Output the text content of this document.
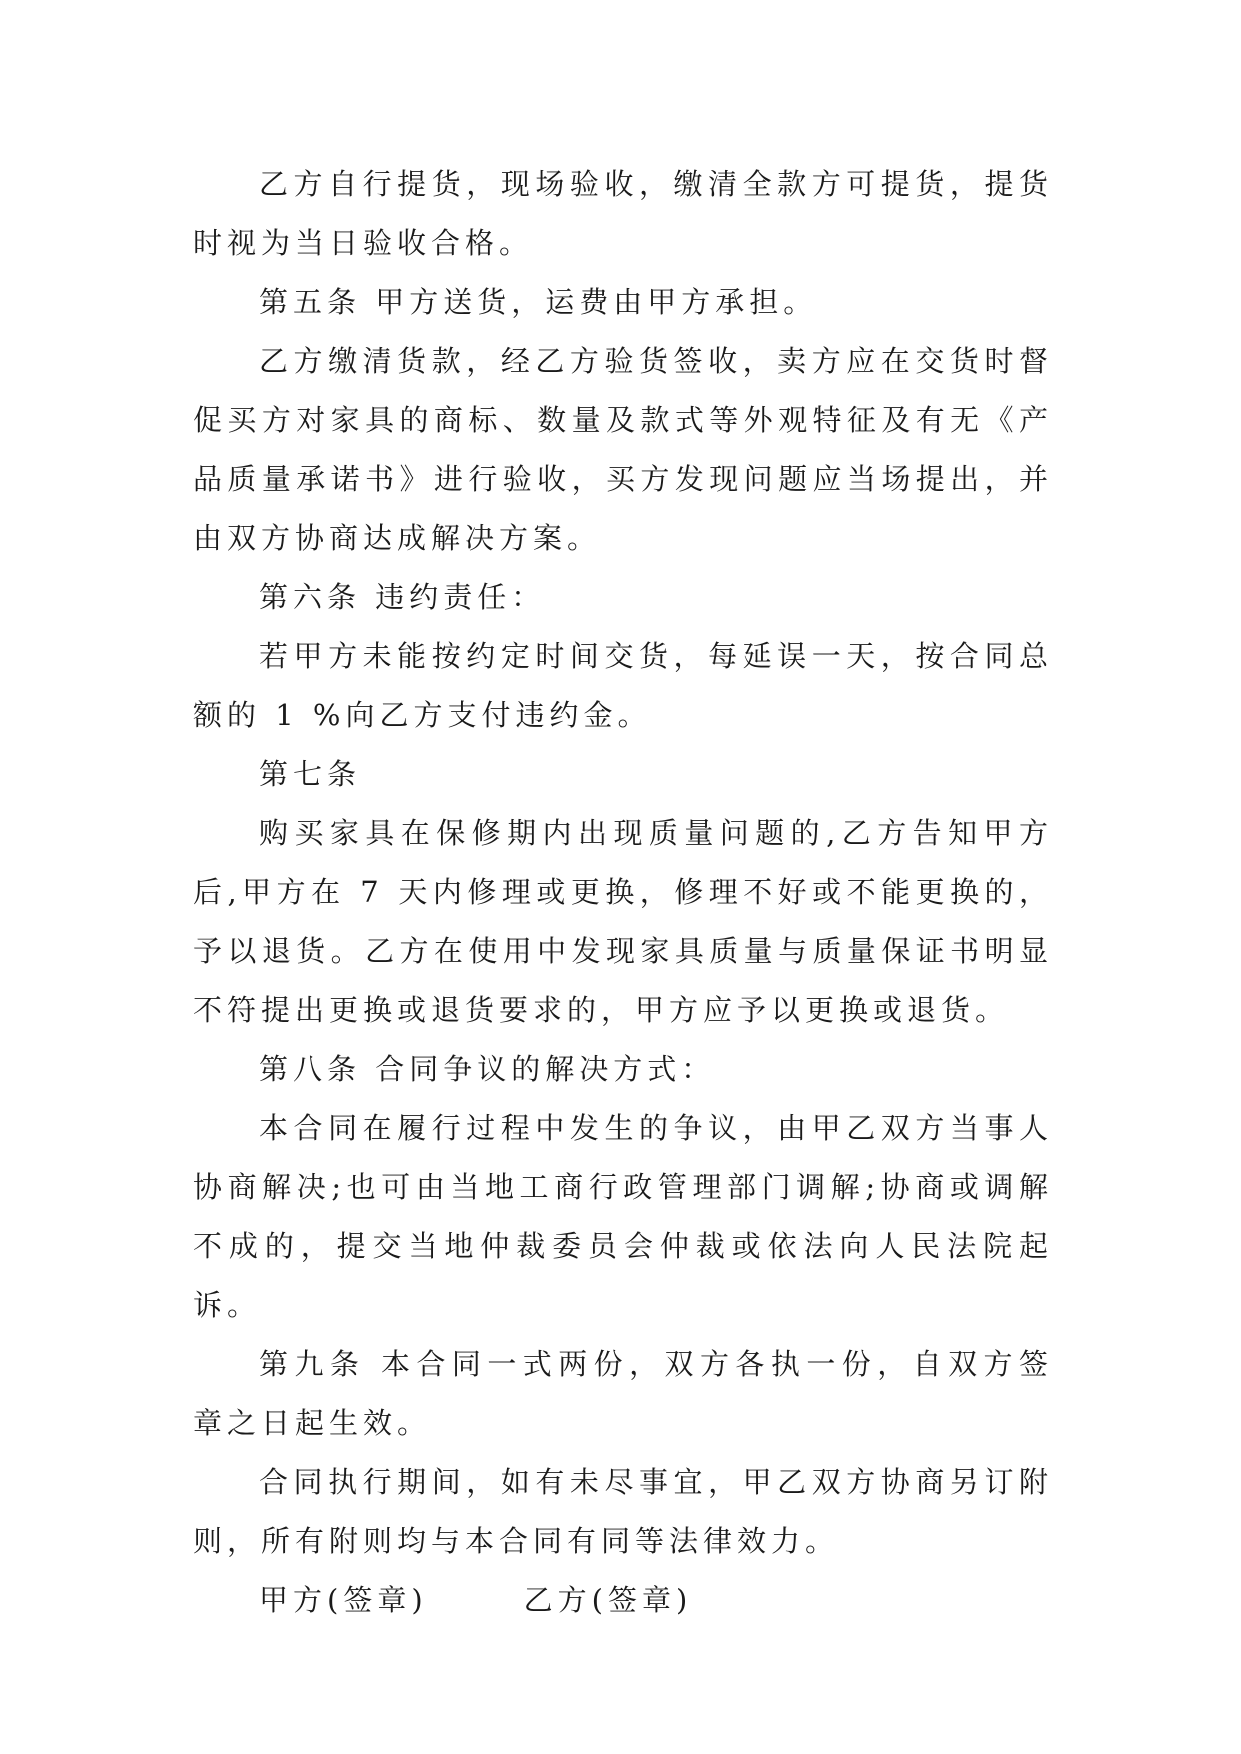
乙方自行提货，现场验收，缴清全款方可提货，提货时视为当日验收合格。

第五条 甲方送货，运费由甲方承担。

乙方缴清货款，经乙方验货签收，卖方应在交货时督促买方对家具的商标、数量及款式等外观特征及有无《产品质量承诺书》进行验收，买方发现问题应当场提出，并由双方协商达成解决方案。

第六条 违约责任：

若甲方未能按约定时间交货，每延误一天，按合同总额的 1 %向乙方支付违约金。

第七条

购买家具在保修期内出现质量问题的,乙方告知甲方后,甲方在 7 天内修理或更换，修理不好或不能更换的，予以退货。乙方在使用中发现家具质量与质量保证书明显不符提出更换或退货要求的，甲方应予以更换或退货。

第八条 合同争议的解决方式：

本合同在履行过程中发生的争议，由甲乙双方当事人协商解决;也可由当地工商行政管理部门调解;协商或调解不成的，提交当地仲裁委员会仲裁或依法向人民法院起诉。

第九条 本合同一式两份，双方各执一份，自双方签章之日起生效。

合同执行期间，如有未尽事宜，甲乙双方协商另订附则，所有附则均与本合同有同等法律效力。

甲方(签章)	乙方(签章)
